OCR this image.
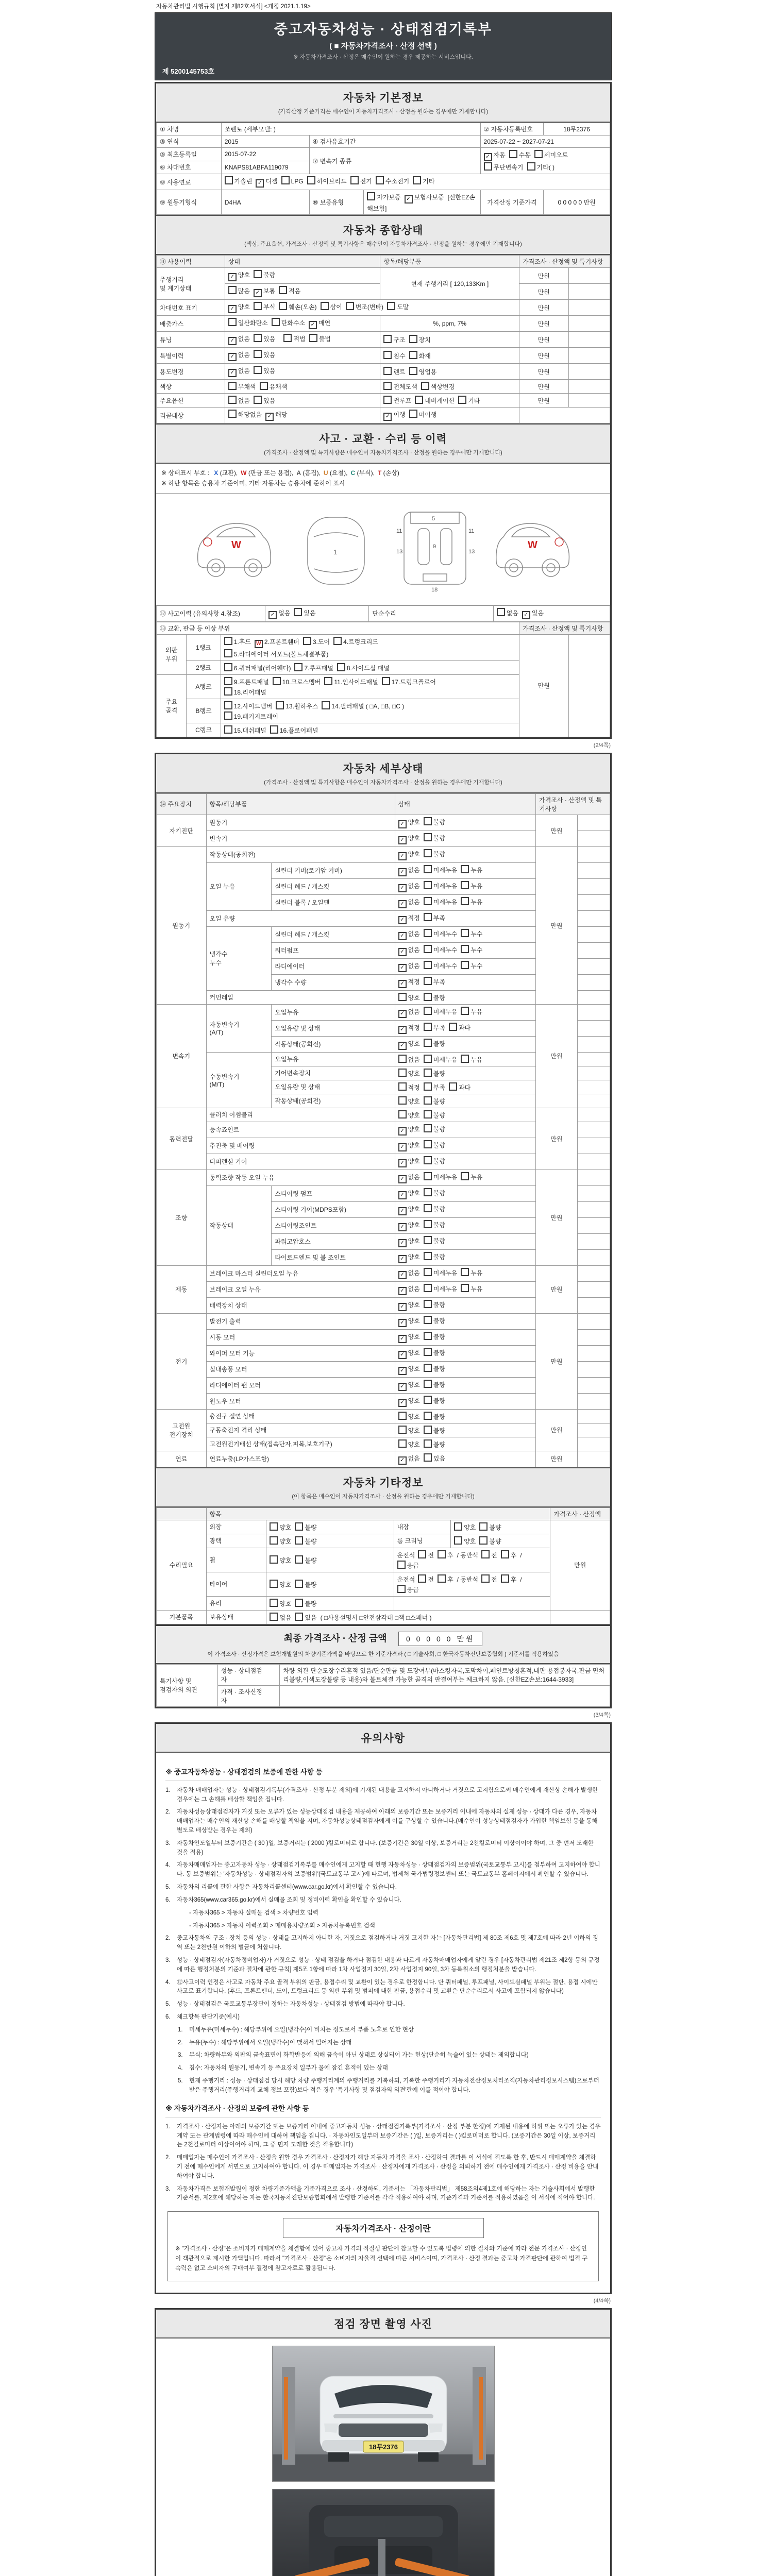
자동차관리법 시행규칙 [별지 제82호서식] <개정 2021.1.19>
중고자동차성능 · 상태점검기록부
( ■ 자동차가격조사 · 산정 선택 )
※ 자동차가격조사 · 산정은 매수인이 원하는 경우 제공하는 서비스입니다.
제 5200145753호
자동차 기본정보
(가격산정 기준가격은 매수인이 자동차가격조사 · 산정을 원하는 경우에만 기재합니다)
① 차명	쏘렌토 (세부모델: )			② 자동차등록번호	18무2376
③ 연식	2015	④ 검사유효기간		2025-07-22 ~ 2027-07-21	
⑤ 최초등록일	2015-07-22	⑦ 변속기 종류		✓ 자동 수동 세미오토
무단변속기 기타( )	
⑥ 차대번호	KNAPS81ABFA119079				
⑧ 사용연료	가솔린 ✓ 디젤 LPG 하이브리드 전기 수소전기 기타				
⑨ 원동기형식	D4HA	⑩ 보증유형	자가보증 ✓ 보험사보증 [신한EZ손해보험]	가격산정 기준가격	0 0 0 0 0 만원
자동차 종합상태
(색상, 주요옵션, 가격조사 · 산정액 및 특기사항은 매수인이 자동차가격조사 · 산정을 원하는 경우에만 기재합니다)
⑪ 사용이력	상태	항목/해당부품	가격조사 · 산정액 및 특기사항	
주행거리
및 계기상태	✓ 양호 불량	현재 주행거리 [ 120,133Km ]	만원	
	많음 ✓ 보통 적음		만원	
차대번호 표기	✓ 양호 부식 훼손(오손) 상이 변조(변타) 도말		만원	
배출가스	일산화탄소 탄화수소 ✓ 매연	%, ppm, 7%	만원	
튜닝	✓ 없음 있음 적법 불법	구조 장치	만원	
특별이력	✓ 없음 있음	침수 화재	만원	
용도변경	✓ 없음 있음	렌트 영업용	만원	
색상	무채색 유채색	전체도색 색상변경	만원	
주요옵션	없음 있음	썬루프 네비게이션 기타	만원	
리콜대상	해당없음 ✓ 해당	✓ 이행 미이행		
사고 · 교환 · 수리 등 이력
(가격조사 · 산정액 및 특기사항은 매수인이 자동차가격조사 · 산정을 원하는 경우에만 기재합니다)
※ 상태표시 부호 : X (교환), W (판금 또는 용접), A (흠집), U (요철), C (부식), T (손상)
※ 하단 항목은 승용차 기준이며, 기타 자동차는 승용차에 준하여 표시
W
1
5
9
11	11
13	13
18
W
⑫ 사고이력 (유의사항 4.참조)	✓ 없음 있음	단순수리	없음 ✓ 있음
⑬ 교환, 판금 등 이상 부위			가격조사 · 산정액 및 특기사항	
외판
부위	1랭크	1.후드 W 2.프론트휀더 3.도어 4.트렁크리드
5.라디에이터 서포트(볼트체결부품)	만원	
	2랭크	6.쿼터패널(리어휀다) 7.루프패널 8.사이드실 패널		
주요
골격	A랭크	9.프론트패널 10.크로스멤버 11.인사이드패널 17.트렁크플로어
18.리어패널		
	B랭크	12.사이드멤버 13.휠하우스 14.필러패널 ( □A, □B, □C )
19.패키지트레이		
	C랭크	15.대쉬패널 16.플로어패널		
(2/4쪽)
자동차 세부상태
(가격조사 · 산정액 및 특기사항은 매수인이 자동차가격조사 · 산정을 원하는 경우에만 기재합니다)
⑭ 주요장치	항목/해당부품		상태	가격조사 · 산정액 및 특기사항	
자기진단	원동기		✓ 양호 불량	만원	
	변속기		✓ 양호 불량		
원동기	작동상태(공회전)		✓ 양호 불량	만원	
	오일 누유	실린더 커버(로커암 커버)	✓ 없음 미세누유 누유		
		실린더 헤드 / 개스킷	✓ 없음 미세누유 누유		
		실린더 블록 / 오일팬	✓ 없음 미세누유 누유		
	오일 유량		✓ 적정 부족		
	냉각수
누수	실린더 헤드 / 개스킷	✓ 없음 미세누수 누수		
		워터펌프	✓ 없음 미세누수 누수		
		라디에이터	✓ 없음 미세누수 누수		
		냉각수 수량	✓ 적정 부족		
	커먼레일		양호 불량		
변속기	자동변속기
(A/T)	오일누유	✓ 없음 미세누유 누유	만원	
		오일유량 및 상태	✓ 적정 부족 과다		
		작동상태(공회전)	✓ 양호 불량		
	수동변속기
(M/T)	오일누유	없음 미세누유 누유		
		기어변속장치	양호 불량		
		오일유량 및 상태	적정 부족 과다		
		작동상태(공회전)	양호 불량		
동력전달	클러치 어셈블리		양호 불량	만원	
	등속죠인트		✓ 양호 불량		
	추진축 및 베어링		✓ 양호 불량		
	디퍼렌셜 기어		✓ 양호 불량		
조향	동력조향 작동 오일 누유		✓ 없음 미세누유 누유	만원	
	작동상태	스티어링 펌프	✓ 양호 불량		
		스티어링 기어(MDPS포함)	✓ 양호 불량		
		스티어링조인트	✓ 양호 불량		
		파워고압호스	✓ 양호 불량		
		타이로드엔드 및 볼 조인트	✓ 양호 불량		
제동	브레이크 마스터 실린더오일 누유		✓ 없음 미세누유 누유	만원	
	브레이크 오일 누유		✓ 없음 미세누유 누유		
	배력장치 상태		✓ 양호 불량		
전기	발전기 출력		✓ 양호 불량	만원	
	시동 모터		✓ 양호 불량		
	와이퍼 모터 기능		✓ 양호 불량		
	실내송풍 모터		✓ 양호 불량		
	라디에이터 팬 모터		✓ 양호 불량		
	윈도우 모터		✓ 양호 불량		
고전원
전기장치	충전구 절연 상태		양호 불량	만원	
	구동축전지 격리 상태		양호 불량		
	고전원전기배선 상태(접속단자,피복,보호기구)		양호 불량		
연료	연료누출(LP가스포함)		✓ 없음 있음	만원	
자동차 기타정보
(이 항목은 매수인이 자동차가격조사 · 산정을 원하는 경우에만 기재합니다)
	항목				가격조사 · 산정액
수리필요	외장	양호 불량	내장	양호 불량	만원
	광택	양호 불량	룸 크리닝	양호 불량	
	휠	양호 불량	운전석 전 후 / 동반석 전 후 /응급		
	타이어	양호 불량	운전석 전 후 / 동반석 전 후 /응급		
	유리	양호 불량			
기본품목	보유상태	없음 있음 ( □사용설명서 □안전삼각대 □잭 □스패너 )			
최종 가격조사 · 산정 금액	0 0 0 0 0 만원
이 가격조사 · 산정가격은 보험개발원의 차량기준가액을 바탕으로 한 기준가격과 ( □ 기술사회, □ 한국자동차진단보증협회 ) 기준서를 적용하였음
특기사항 및
점검자의 의견	성능 · 상태점검
자	차량 외관 단순도장수리흔적 있음/단순판금 및 도장여부(마스킹자국,도막차이,페인트방청흔적,내판 용접봉자국,판금 면처리불량,이색도장불량 등 내용)와 볼트체결 가능한 골격의 판결여부는 체크하지 않음. [신한EZ손보:1644-3933]
	가격 · 조사산정
자	
(3/4쪽)
유의사항
※ 중고자동차성능 · 상태점검의 보증에 관한 사항 등
1.	자동차 매매업자는 성능 · 상태점검기록부(가격조사 · 산정 부분 제외)에 기재된 내용을 고지하지 아니하거나 거짓으로 고지함으로써 매수인에게 재산상 손해가 발생한 경우에는 그 손해를 배상할 책임을 집니다.
2.	자동차성능상태점검자가 거짓 또는 오류가 있는 성능상태점검 내용을 제공하여 아래의 보증기간 또는 보증거리 이내에 자동차의 실제 성능 · 상태가 다른 경우, 자동차매매업자는 매수인의 재산상 손해를 배상할 책임을 지며, 자동차성능상태점검자에게 이를 구상할 수 있습니다.(매수인이 성능상태점검자가 가입한 책임보험 등을 통해 별도로 배상받는 경우는 제외)
3.	자동차인도일부터 보증기간은 ( 30 )일, 보증거리는 ( 2000 )킬로미터로 합니다. (보증기간은 30일 이상, 보증거리는 2천킬로미터 이상이어야 하며, 그 중 먼저 도래한 것을 적용)
4.	자동차매매업자는 중고자동차 성능 · 상태점검기록부를 매수인에게 고지할 때 현행 자동차성능 · 상태점검자의 보증범위(국토교통부 고시)를 첨부하여 고지하여야 합니다. 동 보증범위는 '자동차성능 · 상태점검자의 보증범위'(국토교통부 고시)에 따르며, 법제처 국가법령정보센터 또는 국토교통부 홈페이지에서 확인할 수 있습니다.
5.	자동차의 리콜에 관한 사항은 자동차리콜센터(www.car.go.kr)에서 확인할 수 있습니다.
6.	자동차365(www.car365.go.kr)에서 실매물 조회 및 정비이력 확인을 확인할 수 있습니다.
- 자동차365 > 자동차 실매물 검색 > 차량번호 입력
- 자동차365 > 자동차 이력조회 > 매매용차량조회 > 자동차등록번호 검색
2.	중고자동차의 구조 · 장치 등의 성능 · 상태를 고지하지 아니한 자, 거짓으로 점검하거나 거짓 고지한 자는 [자동차관리법] 제 80조 제6호 및 제7호에 따라 2년 이하의 징역 또는 2천만원 이하의 벌금에 처합니다.
3.	성능 · 상태점검자(자동차정비업자)가 거짓으로 성능 · 상태 점검을 하거나 점검한 내용과 다르게 자동차매매업자에게 알린 경우 [자동차관리법 제21조 제2항 등의 규정에 따른 행정처분의 기준과 절차에 관한 규칙] 제5조 1항에 따라 1차 사업정지 30일, 2차 사업정지 90일, 3차 등록취소의 행정처분을 받습니다.
4.	⑫사고이력 인정은 사고로 자동차 주요 골격 부위의 판금, 용접수리 및 교환이 있는 경우로 한정합니다. 단 쿼터패널, 루프패널, 사이드실패널 부위는 절단, 용접 시에만 사고로 표기합니다. (후드, 프론트펜더, 도어, 트렁크리드 등 외판 부위 및 범퍼에 대한 판금, 용접수리 및 교환은 단순수리로서 사고에 포함되지 않습니다)
5.	성능 · 상태점검은 국토교통부장관이 정하는 자동차성능 · 상태점검 방법에 따라야 합니다.
6.	체크항목 판단기준(예시)
1.	미세누유(미세누수) : 해당부위에 오일(냉각수)이 비치는 정도로서 부품 노후로 인한 현상
2.	누유(누수) : 해당부위에서 오일(냉각수)이 맺혀서 떨어지는 상태
3.	부식: 차량하부와 외판의 금속표면이 화학반응에 의해 금속이 아닌 상태로 상실되어 가는 현상(단순히 녹슬어 있는 상태는 제외합니다)
4.	침수: 자동차의 원동기, 변속기 등 주요장치 일부가 물에 잠긴 흔적이 있는 상태
5.	현재 주행거리 : 성능 · 상태점검 당시 해당 차량 주행거리계의 주행거리를 기록하되, 기록한 주행거리가 자동차전산정보처리조직(자동차관리정보시스템)으로부터 받은 주행거리(주행거리계 교체 정보 포함)보다 적은 경우 '특기사항 및 점검자의 의견'란에 이를 적어야 합니다.
※ 자동차가격조사 · 산정의 보증에 관한 사항 등
1.	가격조사 · 산정자는 아래의 보증기간 또는 보증거리 이내에 중고자동차 성능 · 상태점검기록부(가격조사 · 산정 부분 한정)에 기재된 내용에 허위 또는 오류가 있는 경우 계약 또는 관계법령에 따라 매수인에 대하여 책임을 집니다. · 자동차인도일부터 보증기간은 ( )일, 보증거리는 ( )킬로미터로 합니다. (보증기간은 30일 이상, 보증거리는 2천킬로미터 이상이어야 하며, 그 중 먼저 도래한 것을 적용합니다)
2.	매매업자는 매수인이 가격조사 · 산정을 원할 경우 가격조사 · 산정자가 해당 자동차 가격을 조사 · 산정하여 결과를 이 서식에 적도록 한 후, 반드시 매매계약을 체결하기 전에 매수인에게 서면으로 고지하여야 합니다. 이 경우 매매업자는 가격조사 · 산정자에게 가격조사 · 산정을 의뢰하기 전에 매수인에게 가격조사 · 산정 비용을 안내하여야 합니다.
3.	자동차가격은 보험개발원이 정한 차량기준가액을 기준가격으로 조사 · 산정하되, 기준서는 「자동차관리법」 제58조의4제1호에 해당하는 자는 기술사회에서 발행한 기준서를, 제2호에 해당하는 자는 한국자동차진단보증협회에서 발행한 기준서를 각각 적용하여야 하며, 기준가격과 기준서를 적용하였음을 이 서식에 적어야 합니다.
자동차가격조사 · 산정이란
※ "가격조사 · 산정"은 소비자가 매매계약을 체결함에 있어 중고차 가격의 적절성 판단에 참고할 수 있도록 법령에 의한 절차와 기준에 따라 전문 가격조사 · 산정인이 객관적으로 제시한 가액입니다. 따라서 "가격조사 · 산정"은 소비자의 자율적 선택에 따른 서비스이며, 가격조사 · 산정 결과는 중고차 가격판단에 관하여 법적 구속력은 없고 소비자의 구매여부 결정에 참고자료로 활용됩니다.
(4/4쪽)
점검 장면 촬영 사진
18무2376
